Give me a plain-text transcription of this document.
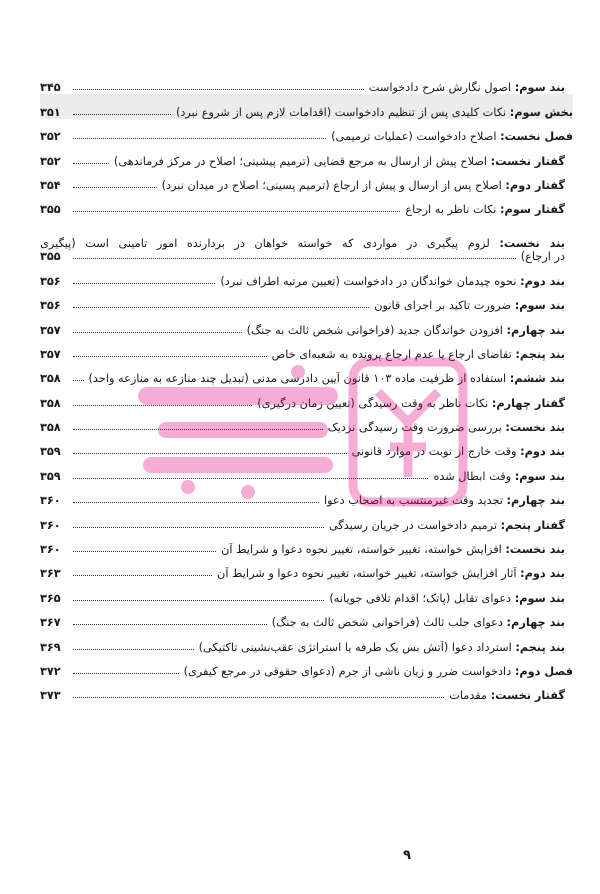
بند سوم: اصول نگارش شرح دادخواست
۳۴۵
بخش سوم: نکات کلیدی پس از تنظیم دادخواست (اقدامات لازم پس از شروع نبرد)
۳۵۱
فصل نخست: اصلاح دادخواست (عملیات ترمیمی)
۳۵۲
گفتار نخست: اصلاح پیش از ارسال به مرجع قضایی (ترمیم پیشینی؛ اصلاح در مرکز فرماندهی)
۳۵۲
گفتار دوم: اصلاح پس از ارسال و پیش از ارجاع (ترمیم پسینی؛ اصلاح در میدان نبرد)
۳۵۴
گفتار سوم: نکات ناظر به ارجاع
۳۵۵
بند نخست: لزوم پیگیری در مواردی که خواسته خواهان در بردارنده امور تامینی است (پیگیری
در ارجاع)
۳۵۵
بند دوم: نحوه چیدمان خواندگان در دادخواست (تعیین مرتبه اطراف نبرد)
۳۵۶
بند سوم: ضرورت تاکید بر اجرای قانون
۳۵۶
بند چهارم: افزودن خواندگان جدید (فراخوانی شخص ثالث به جنگ)
۳۵۷
بند پنجم: تقاضای ارجاع یا عدم ارجاع پرونده به شعبه‌ای خاص
۳۵۷
بند ششم: استفاده از ظرفیت ماده ۱۰۳ قانون آیین دادرسی مدنی (تبدیل چند منازعه به منازعه واحد)
۳۵۸
گفتار چهارم: نکات ناظر به وقت رسیدگی (تعیین زمان درگیری)
۳۵۸
بند نخست: بررسی ضرورت وقت رسیدگی نزدیک
۳۵۸
بند دوم: وقت خارج از نوبت در موارد قانونی
۳۵۹
بند سوم: وقت ابطال شده
۳۵۹
بند چهارم: تجدید وقت غیرمنتسب به اصحاب دعوا
۳۶۰
گفتار پنجم: ترمیم دادخواست در جریان رسیدگی
۳۶۰
بند نخست: افزایش خواسته، تغییر خواسته، تغییر نحوه دعوا و شرایط آن
۳۶۰
بند دوم: آثار افزایش خواسته، تغییر خواسته، تغییر نحوه دعوا و شرایط آن
۳۶۳
بند سوم: دعوای تقابل (پاتک؛ اقدام تلافی جویانه)
۳۶۵
بند چهارم: دعوای جلب ثالث (فراخوانی شخص ثالث به جنگ)
۳۶۷
بند پنجم: استرداد دعوا (آتش بس یک طرفه یا استراتژی عقب‌نشینی تاکتیکی)
۳۶۹
فصل دوم: دادخواست ضرر و زیان ناشی از جرم (دعوای حقوقی در مرجع کیفری)
۳۷۲
گفتار نخست: مقدمات
۳۷۳
۹
